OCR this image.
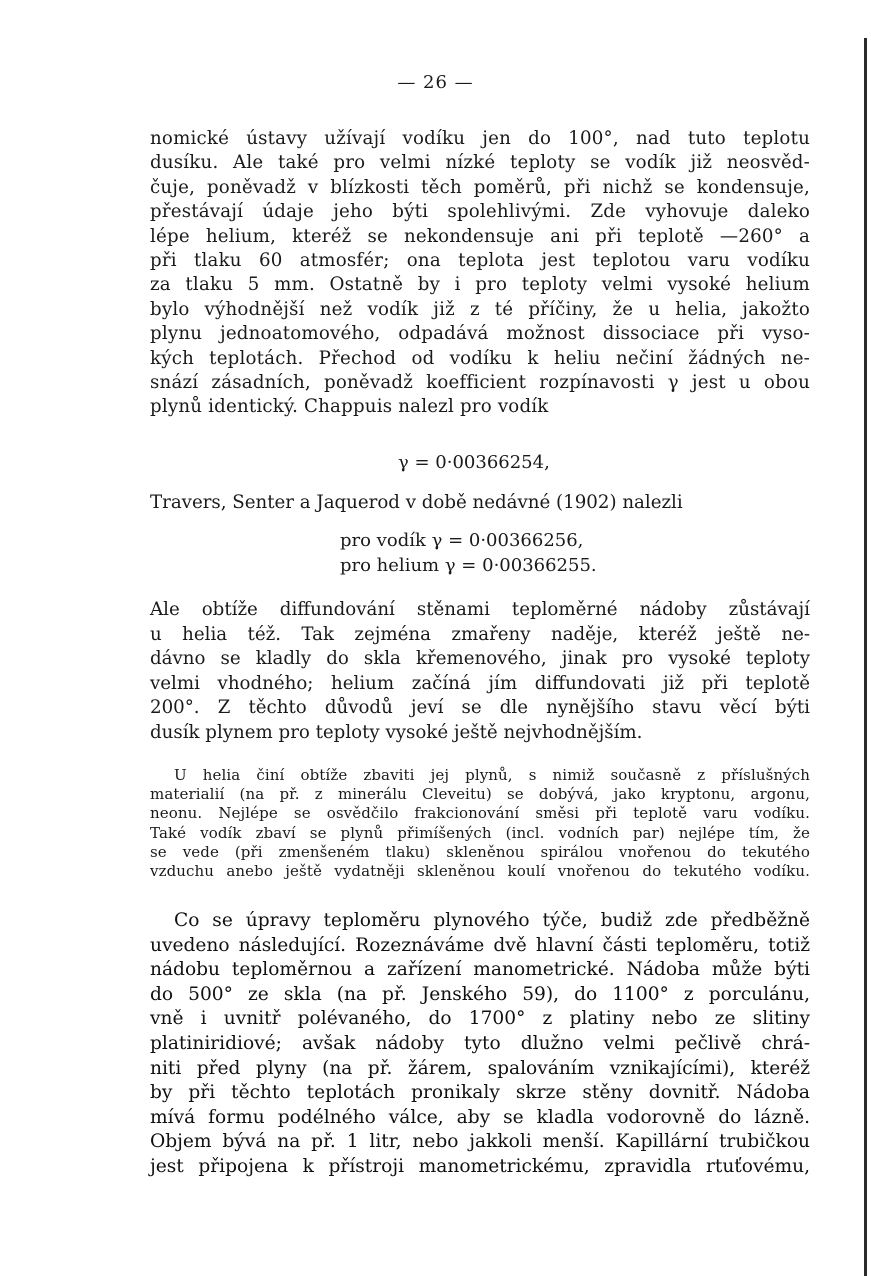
— 26 —
nomické ústavy užívají vodíku jen do 100°, nad tuto teplotu
dusíku. Ale také pro velmi nízké teploty se vodík již neosvěd-
čuje, poněvadž v blízkosti těch poměrů, při nichž se kondensuje,
přestávají údaje jeho býti spolehlivými. Zde vyhovuje daleko
lépe helium, kteréž se nekondensuje ani při teplotě —260° a
při tlaku 60 atmosfér; ona teplota jest teplotou varu vodíku
za tlaku 5 mm. Ostatně by i pro teploty velmi vysoké helium
bylo výhodnější než vodík již z té příčiny, že u helia, jakožto
plynu jednoatomového, odpadává možnost dissociace při vyso-
kých teplotách. Přechod od vodíku k heliu nečiní žádných ne-
snází zásadních, poněvadž koefficient rozpínavosti γ jest u obou
plynů identický. Chappuis nalezl pro vodík
γ = 0·00366254,
Travers, Senter a Jaquerod v době nedávné (1902) nalezli
pro vodík γ = 0·00366256,
pro helium γ = 0·00366255.
Ale obtíže diffundování stěnami teploměrné nádoby zůstávají
u helia též. Tak zejména zmařeny naděje, kteréž ještě ne-
dávno se kladly do skla křemenového, jinak pro vysoké teploty
velmi vhodného; helium začíná jím diffundovati již při teplotě
200°. Z těchto důvodů jeví se dle nynějšího stavu věcí býti
dusík plynem pro teploty vysoké ještě nejvhodnějším.
U helia činí obtíže zbaviti jej plynů, s nimiž současně z příslušných
materialií (na př. z minerálu Cleveitu) se dobývá, jako kryptonu, argonu,
neonu. Nejlépe se osvědčilo frakcionování směsi při teplotě varu vodíku.
Také vodík zbaví se plynů přimíšených (incl. vodních par) nejlépe tím, že
se vede (při zmenšeném tlaku) skleněnou spirálou vnořenou do tekutého
vzduchu anebo ještě vydatněji skleněnou koulí vnořenou do tekutého vodíku.
Co se úpravy teploměru plynového týče, budiž zde předběžně
uvedeno následující. Rozeznáváme dvě hlavní části teploměru, totiž
nádobu teploměrnou a zařízení manometrické. Nádoba může býti
do 500° ze skla (na př. Jenského 59), do 1100° z porculánu,
vně i uvnitř polévaného, do 1700° z platiny nebo ze slitiny
platiniridiové; avšak nádoby tyto dlužno velmi pečlivě chrá-
niti před plyny (na př. žárem, spalováním vznikajícími), kteréž
by při těchto teplotách pronikaly skrze stěny dovnitř. Nádoba
mívá formu podélného válce, aby se kladla vodorovně do lázně.
Objem bývá na př. 1 litr, nebo jakkoli menší. Kapillární trubičkou
jest připojena k přístroji manometrickému, zpravidla rtuťovému,
